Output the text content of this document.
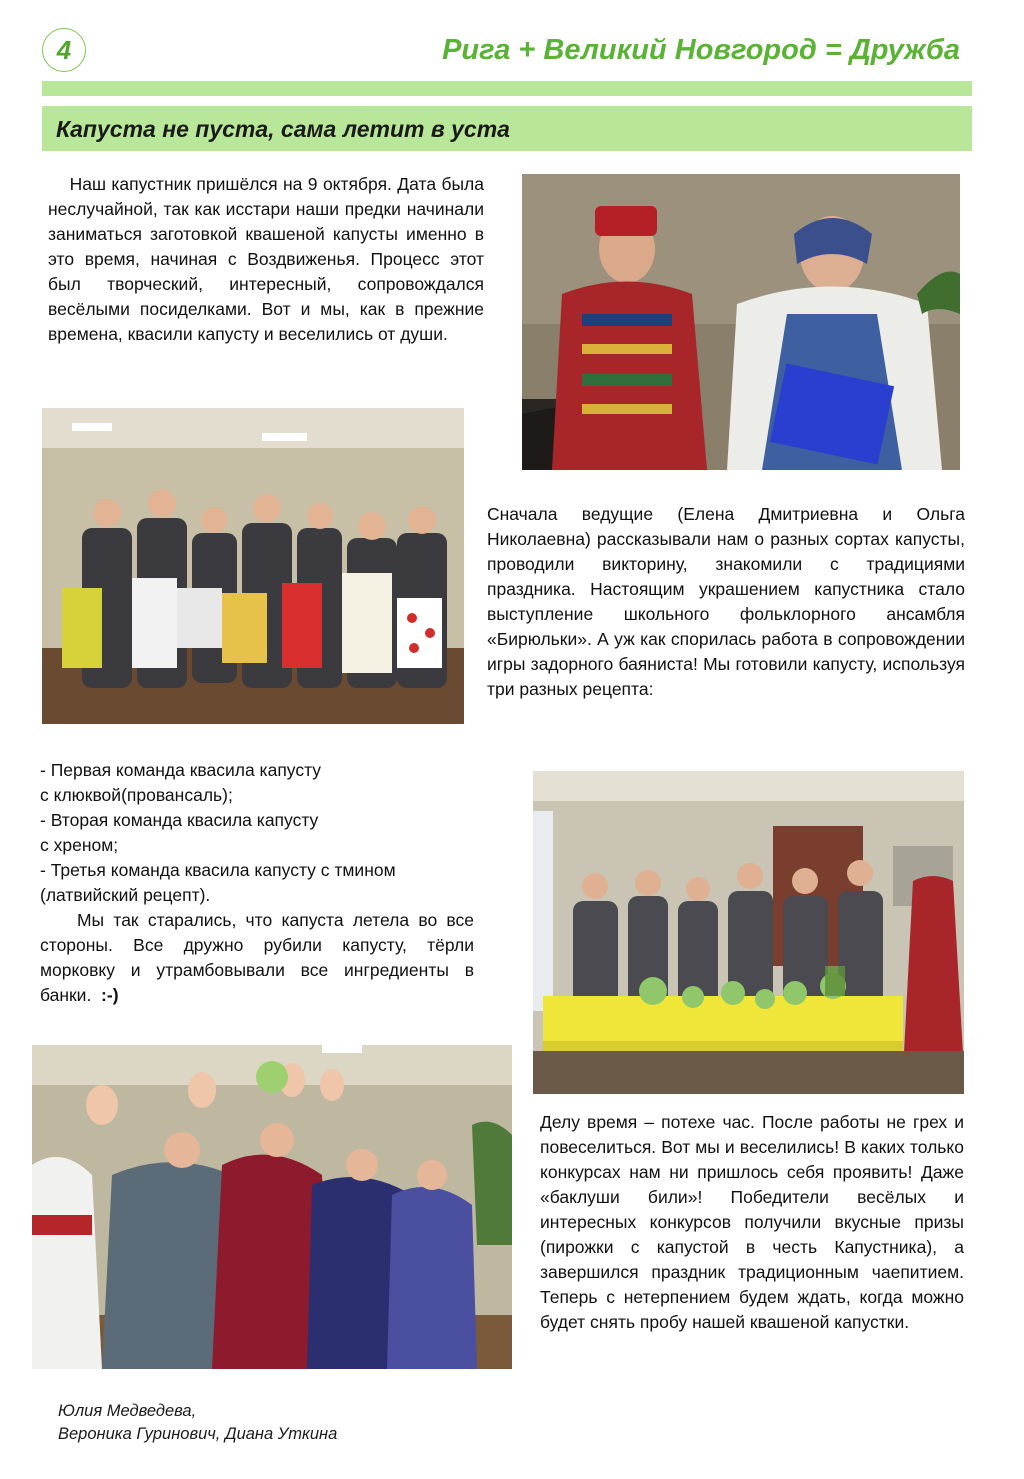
4	Рига + Великий Новгород = Дружба
Капуста не пуста, сама летит в уста

Наш капустник пришёлся на 9 октября. Дата была неслучайной, так как исстари наши предки начинали заниматься заготовкой квашеной капусты именно в это время, начиная с Воздвиженья. Процесс этот был творческий, интересный, сопровождался весёлыми посиделками. Вот и мы, как в прежние времена, квасили капусту и веселились от души.

Сначала ведущие (Елена Дмитриевна и Ольга Николаевна) рассказывали нам о разных сортах капусты, проводили викторину, знакомили с традициями праздника. Настоящим украшением капустника стало выступление школьного фольклорного ансамбля «Бирюльки». А уж как спорилась работа в сопровождении игры задорного баяниста! Мы готовили капусту, используя три разных рецепта:

- Первая команда квасила капусту
с клюквой(провансаль);
- Вторая команда квасила капусту
с хреном;
- Третья команда квасила капусту с тмином (латвийский рецепт).
Мы так старались, что капуста летела во все стороны. Все дружно рубили капусту, тёрли морковку и утрамбовывали все ингредиенты в банки. :-)

Делу время – потехе час. После работы не грех и повеселиться. Вот мы и веселились! В каких только конкурсах нам ни пришлось себя проявить! Даже «баклуши били»! Победители весёлых и интересных конкурсов получили вкусные призы (пирожки с капустой в честь Капустника), а завершился праздник традиционным чаепитием. Теперь с нетерпением будем ждать, когда можно будет снять пробу нашей квашеной капустки.

Юлия Медведева,
Вероника Гуринович, Диана Уткина
